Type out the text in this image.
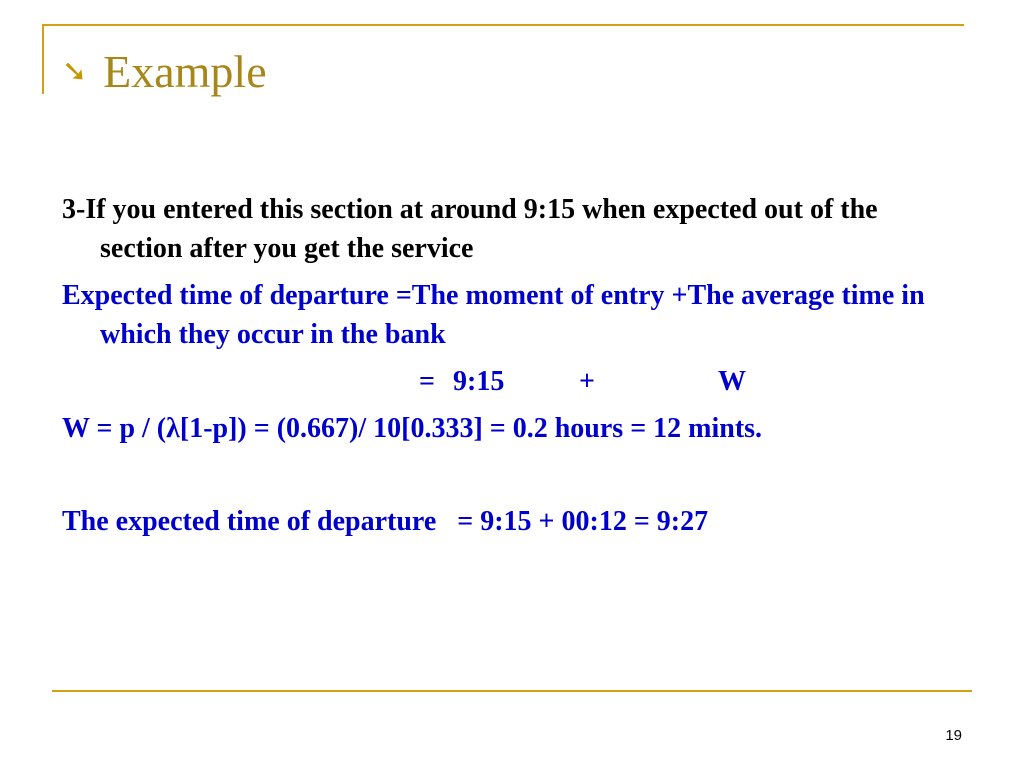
➘ Example

3-If you entered this section at around 9:15 when expected out of the section after you get the service

Expected time of departure =The moment of entry +The average time in which they occur in the bank

= 9:15	+	W

W = p / (λ[1-p]) = (0.667)/ 10[0.333] = 0.2 hours = 12 mints.

The expected time of departure   = 9:15 + 00:12 = 9:27

19
